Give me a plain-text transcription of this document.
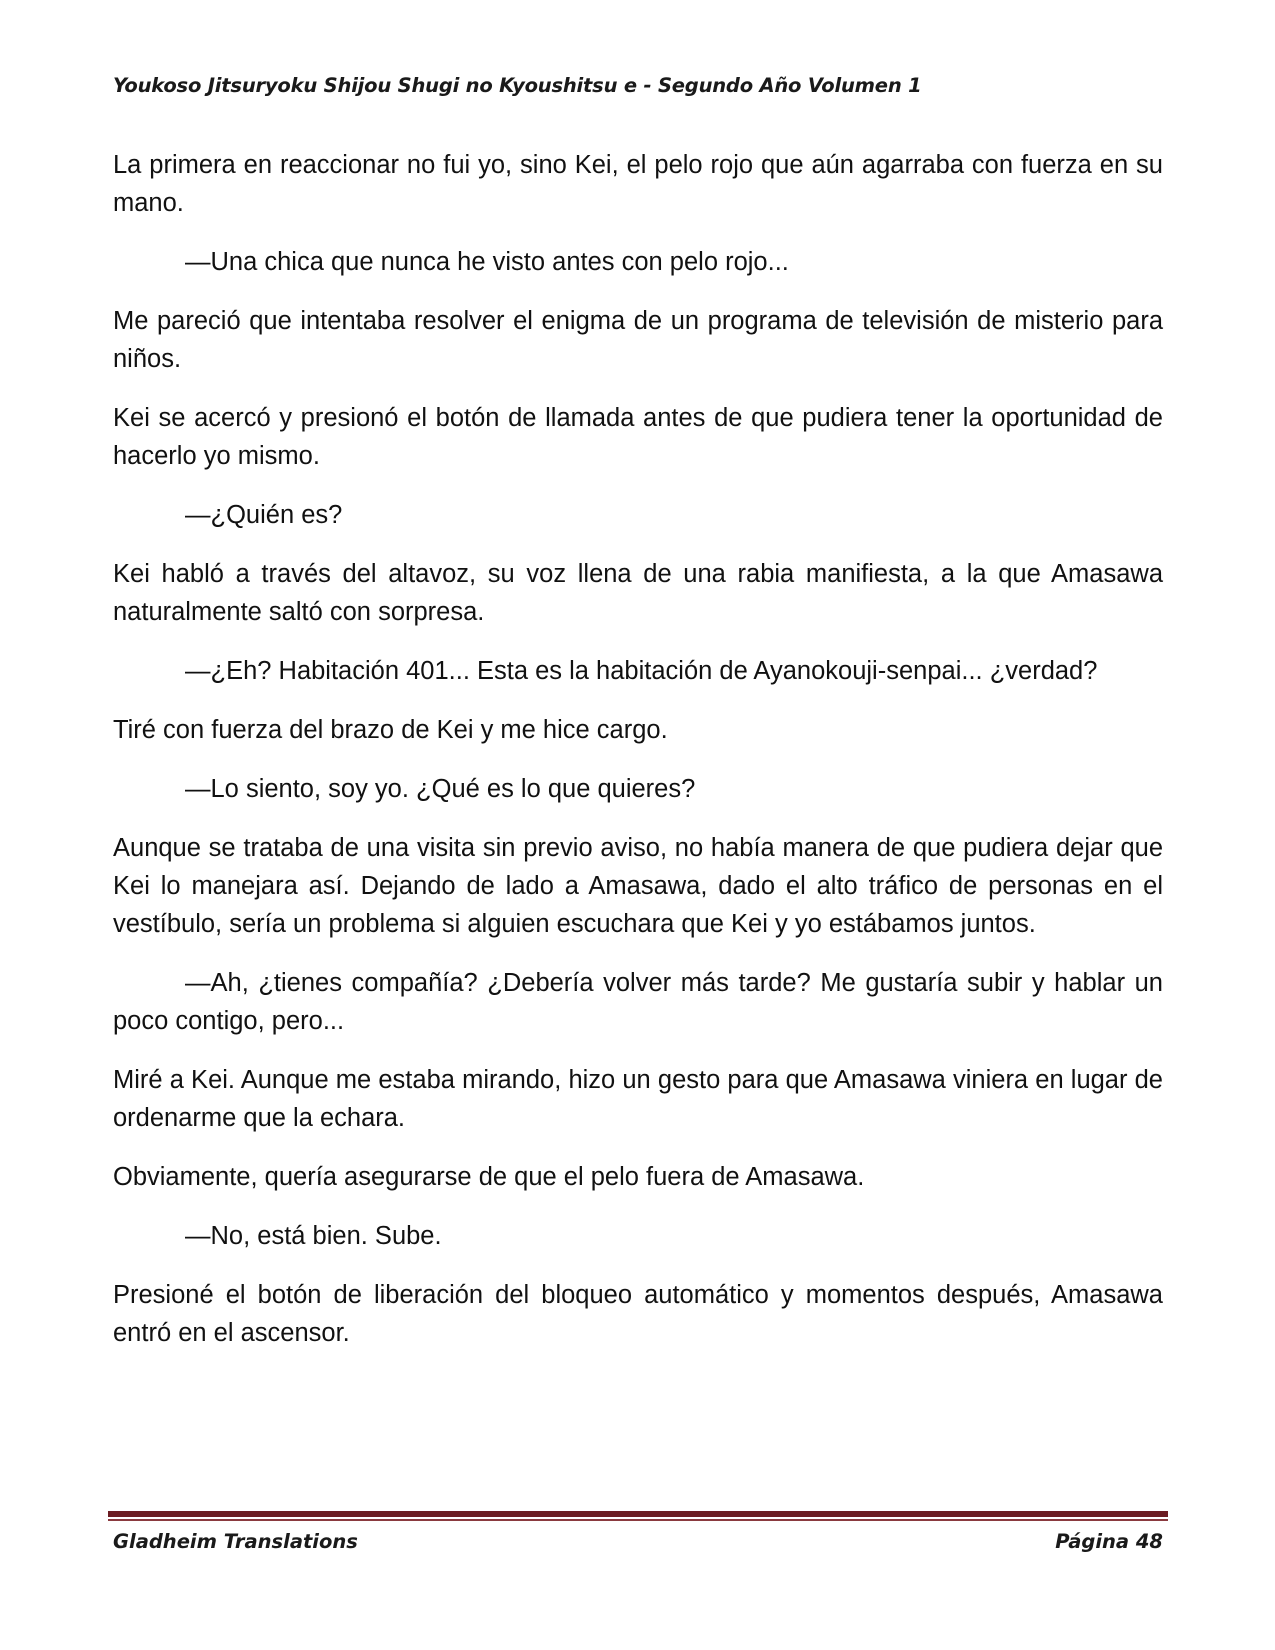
Youkoso Jitsuryoku Shijou Shugi no Kyoushitsu e - Segundo Año Volumen 1

La primera en reaccionar no fui yo, sino Kei, el pelo rojo que aún agarraba con fuerza en su mano.

—Una chica que nunca he visto antes con pelo rojo...

Me pareció que intentaba resolver el enigma de un programa de televisión de misterio para niños.

Kei se acercó y presionó el botón de llamada antes de que pudiera tener la oportunidad de hacerlo yo mismo.

—¿Quién es?

Kei habló a través del altavoz, su voz llena de una rabia manifiesta, a la que Amasawa naturalmente saltó con sorpresa.

—¿Eh? Habitación 401... Esta es la habitación de Ayanokouji-senpai... ¿verdad?

Tiré con fuerza del brazo de Kei y me hice cargo.

—Lo siento, soy yo. ¿Qué es lo que quieres?

Aunque se trataba de una visita sin previo aviso, no había manera de que pudiera dejar que Kei lo manejara así. Dejando de lado a Amasawa, dado el alto tráfico de personas en el vestíbulo, sería un problema si alguien escuchara que Kei y yo estábamos juntos.

—Ah, ¿tienes compañía? ¿Debería volver más tarde? Me gustaría subir y hablar un poco contigo, pero...

Miré a Kei. Aunque me estaba mirando, hizo un gesto para que Amasawa viniera en lugar de ordenarme que la echara.

Obviamente, quería asegurarse de que el pelo fuera de Amasawa.

—No, está bien. Sube.

Presioné el botón de liberación del bloqueo automático y momentos después, Amasawa entró en el ascensor.

Gladheim Translations	Página 48
